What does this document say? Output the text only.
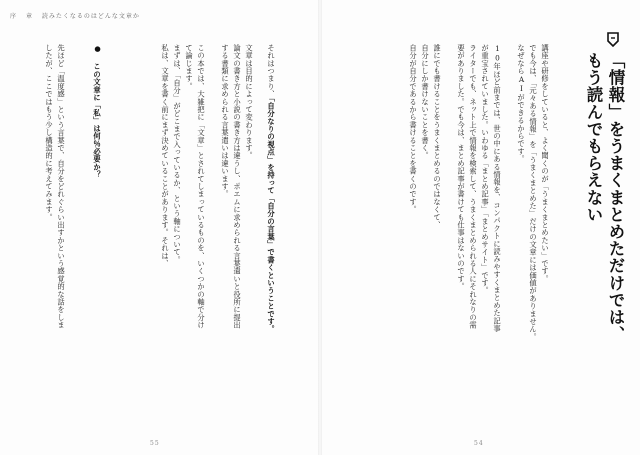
序 章 読みたくなるのはどんな文章か
それはつまり、「自分なりの視点」を持って「自分の言葉」で書くということです。
文章は目的によって変わります。
論文の書き方と小説の書き方は違うし、ポエムに求められる言葉遣いと役所に提出
する書類に求められる言葉遣いは違います。
この本では、大雑把に「文章」とされてしまっているものを、いくつかの軸で分け
て論じます。
まずは、「自分」がどこまで入っているか、という軸について。
私は、文章を書く前にまず決めていることがあります。それは、
● この文章に「私」は何％必要か？
先ほど「温度感」という言葉で、自分をどれぐらい出すかという感覚的な話をしま
したが、ここではもう少し構造的に考えてみます。
55
「情報」をうまくまとめただけでは、
もう読んでもらえない
講座や研修をしていると、よく聞くのが「うまくまとめたい」です。
でも今は、「元々ある情報」を「うまくまとめた」だけの文章には価値がありません。
なぜならAIができるからです。
10年ほど前までは、世の中にある情報を、コンパクトに読みやすくまとめた記事
が重宝されていました。いわゆる「まとめ記事」「まとめサイト」です。
ライターでも、ネット上で情報を検索して、うまくまとめられる人にそれなりの需
要がありました。でも今は、まとめ記事が書けても仕事はないのです。
誰にでも書けることをうまくまとめるのではなくて、
自分にしか書けないことを書く。
自分が自分であるから書けることを書くのです。
54
